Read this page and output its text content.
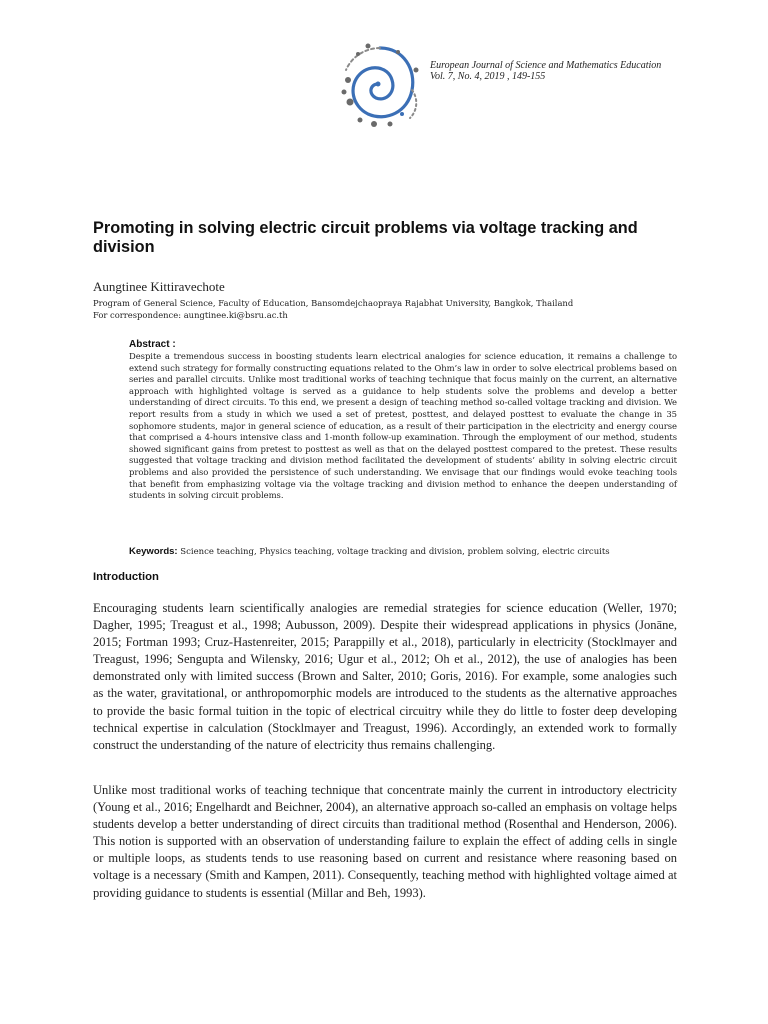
European Journal of Science and Mathematics Education
Vol. 7, No. 4, 2019 , 149-155
Promoting in solving electric circuit problems via voltage tracking and division
Aungtinee Kittiravechote
Program of General Science, Faculty of Education, Bansomdejchaopraya Rajabhat University, Bangkok, Thailand
For correspondence: aungtinee.ki@bsru.ac.th
Abstract :

Despite a tremendous success in boosting students learn electrical analogies for science education, it remains a challenge to extend such strategy for formally constructing equations related to the Ohm’s law in order to solve electrical problems based on series and parallel circuits. Unlike most traditional works of teaching technique that focus mainly on the current, an alternative approach with highlighted voltage is served as a guidance to help students solve the problems and develop a better understanding of direct circuits. To this end, we present a design of teaching method so-called voltage tracking and division. We report results from a study in which we used a set of pretest, posttest, and delayed posttest to evaluate the change in 35 sophomore students, major in general science of education, as a result of their participation in the electricity and energy course that comprised a 4-hours intensive class and 1-month follow-up examination. Through the employment of our method, students showed significant gains from pretest to posttest as well as that on the delayed posttest compared to the pretest. These results suggested that voltage tracking and division method facilitated the development of students’ ability in solving electric circuit problems and also provided the persistence of such understanding. We envisage that our findings would evoke teaching tools that benefit from emphasizing voltage via the voltage tracking and division method to enhance the deepen understanding of students in solving circuit problems.

Keywords: Science teaching, Physics teaching, voltage tracking and division, problem solving, electric circuits
Introduction

Encouraging students learn scientifically analogies are remedial strategies for science education (Weller, 1970; Dagher, 1995; Treagust et al., 1998; Aubusson, 2009). Despite their widespread applications in physics (Jonāne, 2015; Fortman 1993; Cruz-Hastenreiter, 2015; Parappilly et al., 2018), particularly in electricity (Stocklmayer and Treagust, 1996; Sengupta and Wilensky, 2016; Ugur et al., 2012; Oh et al., 2012), the use of analogies has been demonstrated only with limited success (Brown and Salter, 2010; Goris, 2016). For example, some analogies such as the water, gravitational, or anthropomorphic models are introduced to the students as the alternative approaches to provide the basic formal tuition in the topic of electrical circuitry while they do little to foster deep developing technical expertise in calculation (Stocklmayer and Treagust, 1996). Accordingly, an extended work to formally construct the understanding of the nature of electricity thus remains challenging.

Unlike most traditional works of teaching technique that concentrate mainly the current in introductory electricity (Young et al., 2016; Engelhardt and Beichner, 2004), an alternative approach so-called an emphasis on voltage helps students develop a better understanding of direct circuits than traditional method (Rosenthal and Henderson, 2006). This notion is supported with an observation of understanding failure to explain the effect of adding cells in single or multiple loops, as students tends to use reasoning based on current and resistance where reasoning based on voltage is a necessary (Smith and Kampen, 2011). Consequently, teaching method with highlighted voltage aimed at providing guidance to students is essential (Millar and Beh, 1993).
